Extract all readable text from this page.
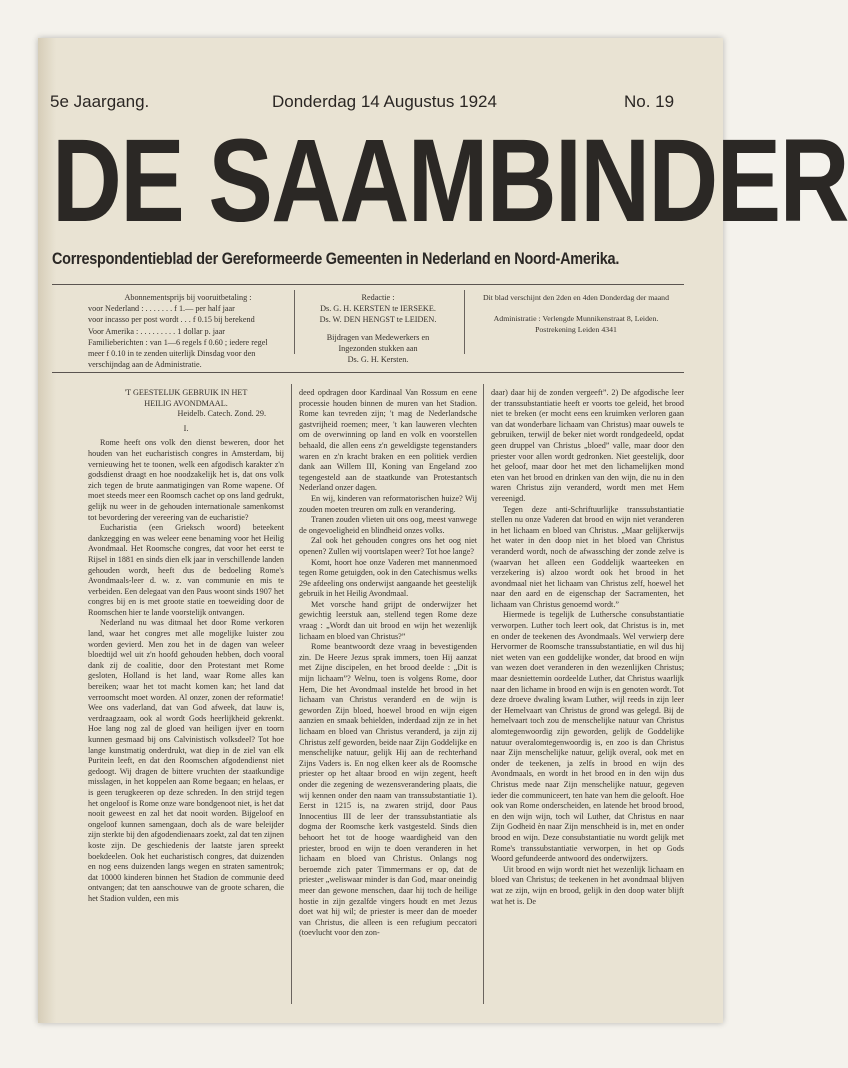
5e Jaargang.	Donderdag 14 Augustus 1924	No. 19
DE SAAMBINDER
Correspondentieblad der Gereformeerde Gemeenten in Nederland en Noord-Amerika.
Abonnementsprijs bij vooruitbetaling :
voor Nederland : . . . . . . . f 1.— per half jaar
voor incasso per post wordt . . . f 0.15 bij berekend
Voor Amerika : . . . . . . . . . 1 dollar p. jaar
Familieberichten : van 1—6 regels f 0.60 ; iedere regel
meer f 0.10 in te zenden uiterlijk Dinsdag voor den
verschijndag aan de Administratie.
Redactie :
Ds. G. H. KERSTEN te IERSEKE.
Ds. W. DEN HENGST te LEIDEN.
Bijdragen van Medewerkers en
Ingezonden stukken aan
Ds. G. H. Kersten.
Dit blad verschijnt den 2den en 4den Donderdag der maand
Administratie : Verlengde Munnikenstraat 8, Leiden.
Postrekening Leiden 4341
'T GEESTELIJK GEBRUIK IN HET
HEILIG AVONDMAAL.
Heidelb. Catech. Zond. 29.
I.

Rome heeft ons volk den dienst beweren, door het houden van het eucharistisch congres in Amsterdam, bij vernieuwing het te toonen, welk een afgodisch karakter z'n godsdienst draagt en hoe noodzakelijk het is, dat ons volk zich tegen de brute aanmatigingen van Rome wapene. Of moet steeds meer een Roomsch cachet op ons land gedrukt, gelijk nu weer in de gehouden internationale samenkomst tot bevordering der vereering van de eucharistie?

Eucharistia (een Grieksch woord) beteekent dankzegging en was weleer eene benaming voor het Heilig Avondmaal. Het Roomsche congres, dat voor het eerst te Rijsel in 1881 en sinds dien elk jaar in verschillende landen gehouden wordt, heeft dus de bedoeling Rome's Avondmaals-leer d. w. z. van communie en mis te verbeiden. Een delegaat van den Paus woont sinds 1907 het congres bij en is met groote statie en toeweiding door de Roomschen hier te lande voorstelijk ontvangen.

Nederland nu was ditmaal het door Rome verkoren land, waar het congres met alle mogelijke luister zou worden gevierd. Men zou het in de dagen van weleer bloedtijd wel uit z'n hoofd gehouden hebben, doch vooral dank zij de coalitie, door den Protestant met Rome gesloten, Holland is het land, waar Rome alles kan bereiken; waar het tot macht komen kan; het land dat verroomscht moet worden. Al onzer, zonen der reformatie! Wee ons vaderland, dat van God afweek, dat lauw is, verdraagzaam, ook al wordt Gods heerlijkheid gekrenkt. Hoe lang nog zal de gloed van heiligen ijver en toorn kunnen gesmaad bij ons Calvinistisch volksdeel? Tot hoe lange kunstmatig onderdrukt, wat diep in de ziel van elk Puritein leeft, en dat den Roomschen afgodendienst niet gedoogt. Wij dragen de bittere vruchten der staatkundige misslagen, in het koppelen aan Rome begaan; en helaas, er is geen terugkeeren op deze schreden. In den strijd tegen het ongeloof is Rome onze ware bondgenoot niet, is het dat nooit geweest en zal het dat nooit worden. Bijgeloof en ongeloof kunnen samengaan, doch als de ware beleijder zijn sterkte bij den afgodendienaars zoekt, zal dat ten zijnen koste zijn. De geschiedenis der laatste jaren spreekt boekdeelen. Ook het eucharistisch congres, dat duizenden en nog eens duizenden langs wegen en straten samentrok; dat 10000 kinderen binnen het Stadion de communie deed ontvangen; dat ten aanschouwe van de groote scharen, die het Stadion vulden, een mis

deed opdragen door Kardinaal Van Rossum en eene processie houden binnen de muren van het Stadion. Rome kan tevreden zijn; 't mag de Nederlandsche gastvrijheid roemen; meer, 't kan lauweren vlechten om de overwinning op land en volk en voorstellen behaald, die allen eens z'n geweldigste tegenstanders waren en z'n kracht braken en een politiek verdien dank aan Willem III, Koning van Engeland zoo tegengesteld aan de staatkunde van Protestantsch Nederland onzer dagen.

En wij, kinderen van reformatorischen huize? Wij zouden moeten treuren om zulk en verandering.

Tranen zouden vlieten uit ons oog, meest vanwege de ongevoeligheid en blindheid onzes volks.

Zal ook het gehouden congres ons het oog niet openen? Zullen wij voortslapen weer? Tot hoe lange?

Komt, hoort hoe onze Vaderen met mannenmoed tegen Rome getuigden, ook in den Catechismus welks 29e afdeeling ons onderwijst aangaande het geestelijk gebruik in het Heilig Avondmaal.

Met vorsche hand grijpt de onderwijzer het gewichtig leerstuk aan, stellend tegen Rome deze vraag : „Wordt dan uit brood en wijn het wezenlijk lichaam en bloed van Christus?”

Rome beantwoordt deze vraag in bevestigenden zin. De Heere Jezus sprak immers, toen Hij aanzat met Zijne discipelen, en het brood deelde : „Dit is mijn lichaam”? Welnu, toen is volgens Rome, door Hem, Die het Avondmaal instelde het brood in het lichaam van Christus veranderd en de wijn is geworden Zijn bloed, hoewel brood en wijn eigen aanzien en smaak behielden, inderdaad zijn ze in het lichaam en bloed van Christus veranderd, ja zijn zij Christus zelf geworden, beide naar Zijn Goddelijke en menschelijke natuur, gelijk Hij aan de rechterhand Zijns Vaders is. En nog elken keer als de Roomsche priester op het altaar brood en wijn zegent, heeft onder die zegening de wezensverandering plaats, die wij kennen onder den naam van transsubstantiatie 1). Eerst in 1215 is, na zwaren strijd, door Paus Innocentius III de leer der transsubstantiatie als dogma der Roomsche kerk vastgesteld. Sinds dien behoort het tot de hooge waardigheid van den priester, brood en wijn te doen veranderen in het lichaam en bloed van Christus. Onlangs nog beroemde zich pater Timmermans er op, dat de priester „weliswaar minder is dan God, maar oneindig meer dan gewone menschen, daar hij toch de heilige hostie in zijn gezalfde vingers houdt en met Jezus doet wat hij wil; de priester is meer dan de moeder van Christus, die alleen is een refugium peccatori (toevlucht voor den zon-

daar) daar hij de zonden vergeeft”. 2) De afgodische leer der transsubstantiatie heeft er voorts toe geleid, het brood niet te breken (er mocht eens een kruimken verloren gaan van dat wonderbare lichaam van Christus) maar ouwels te gebruiken, terwijl de beker niet wordt rondgedeeld, opdat geen druppel van Christus „bloed” valle, maar door den priester voor allen wordt gedronken. Niet geestelijk, door het geloof, maar door het met den lichamelijken mond eten van het brood en drinken van den wijn, die nu in den waren Christus zijn veranderd, wordt men met Hem vereenigd.

Tegen deze anti-Schriftuurlijke transsubstantiatie stellen nu onze Vaderen dat brood en wijn niet veranderen in het lichaam en bloed van Christus. „Maar gelijkerwijs het water in den doop niet in het bloed van Christus veranderd wordt, noch de afwassching der zonde zelve is (waarvan het alleen een Goddelijk waarteeken en verzekering is) alzoo wordt ook het brood in het avondmaal niet het lichaam van Christus zelf, hoewel het naar den aard en de eigenschap der Sacramenten, het lichaam van Christus genoemd wordt.”

Hiermede is tegelijk de Luthersche consubstantiatie verworpen. Luther toch leert ook, dat Christus is in, met en onder de teekenen des Avondmaals. Wel verwierp dere Hervormer de Roomsche transsubstantiatie, en wil dus hij niet weten van een goddelijke wonder, dat brood en wijn van wezen doet veranderen in den wezenlijken Christus; maar desniettemin oordeelde Luther, dat Christus waarlijk naar den lichame in brood en wijn is en genoten wordt. Tot deze droeve dwaling kwam Luther, wijl reeds in zijn leer der Hemelvaart van Christus de grond was gelegd. Bij de hemelvaart toch zou de menschelijke natuur van Christus alomtegenwoordig zijn geworden, gelijk de Goddelijke natuur overalomtegenwoordig is, en zoo is dan Christus naar Zijn menschelijke natuur, gelijk overal, ook met en onder de teekenen, ja zelfs in brood en wijn des Avondmaals, en wordt in het brood en in den wijn dus Christus mede naar Zijn menschelijke natuur, gegeven ieder die communiceert, ten hate van hem die gelooft. Hoe ook van Rome onderscheiden, en latende het brood brood, en den wijn wijn, toch wil Luther, dat Christus en naar Zijn Godheid èn naar Zijn menschheid is in, met en onder brood en wijn. Deze consubstantiatie nu wordt gelijk met Rome's transsubstantiatie verworpen, in het op Gods Woord gefundeerde antwoord des onderwijzers.

Uit brood en wijn wordt niet het wezenlijk lichaam en bloed van Christus; de teekenen in het avondmaal blijven wat ze zijn, wijn en brood, gelijk in den doop water blijft wat het is. De
